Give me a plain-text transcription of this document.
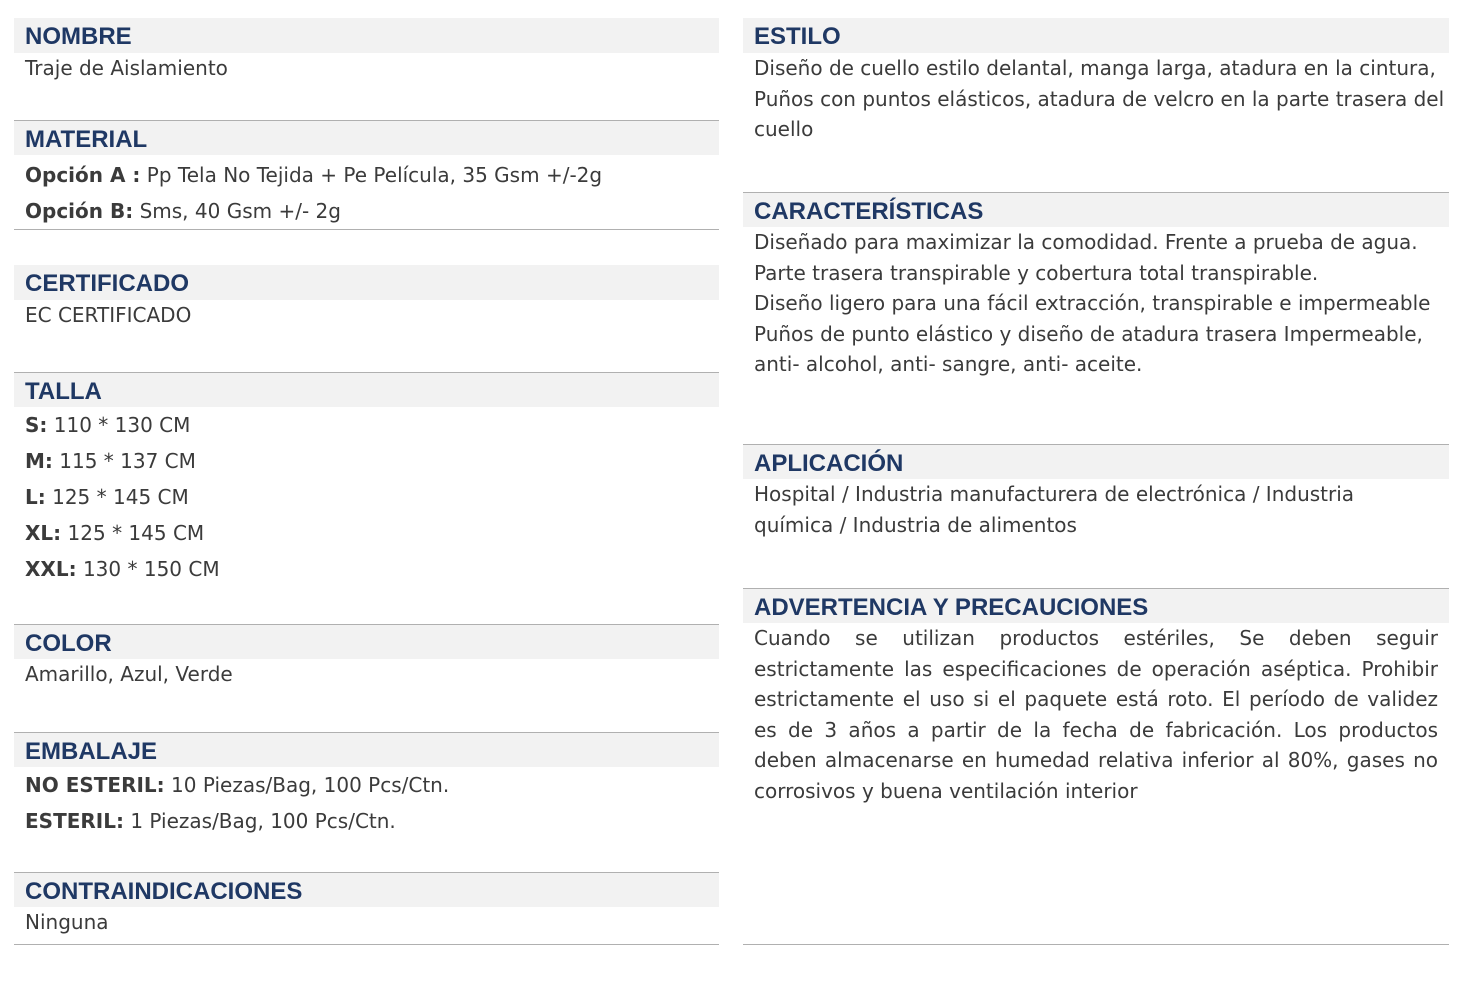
NOMBRE
Traje de Aislamiento
MATERIAL
Opción A : Pp Tela No Tejida + Pe Película, 35 Gsm +/-2g
Opción B: Sms, 40 Gsm +/- 2g
CERTIFICADO
EC CERTIFICADO
TALLA
S: 110 * 130 CM
M: 115 * 137 CM
L: 125 * 145 CM
XL: 125 * 145 CM
XXL: 130 * 150 CM
COLOR
Amarillo, Azul, Verde
EMBALAJE
NO ESTERIL: 10 Piezas/Bag, 100 Pcs/Ctn.
ESTERIL: 1 Piezas/Bag, 100 Pcs/Ctn.
CONTRAINDICACIONES
Ninguna
ESTILO
Diseño de cuello estilo delantal, manga larga, atadura en la cintura,
Puños con puntos elásticos, atadura de velcro en la parte trasera del
cuello
CARACTERÍSTICAS
Diseñado para maximizar la comodidad. Frente a prueba de agua.
Parte trasera transpirable y cobertura total transpirable.
Diseño ligero para una fácil extracción, transpirable e impermeable
Puños de punto elástico y diseño de atadura trasera Impermeable,
anti- alcohol, anti- sangre, anti- aceite.
APLICACIÓN
Hospital / Industria manufacturera de electrónica / Industria
química / Industria de alimentos
ADVERTENCIA Y PRECAUCIONES
Cuando se utilizan productos estériles, Se deben seguir estrictamente las especificaciones de operación aséptica. Prohibir estrictamente el uso si el paquete está roto. El período de validez es de 3 años a partir de la fecha de fabricación. Los productos deben almacenarse en humedad relativa inferior al 80%, gases no corrosivos y buena ventilación interior
